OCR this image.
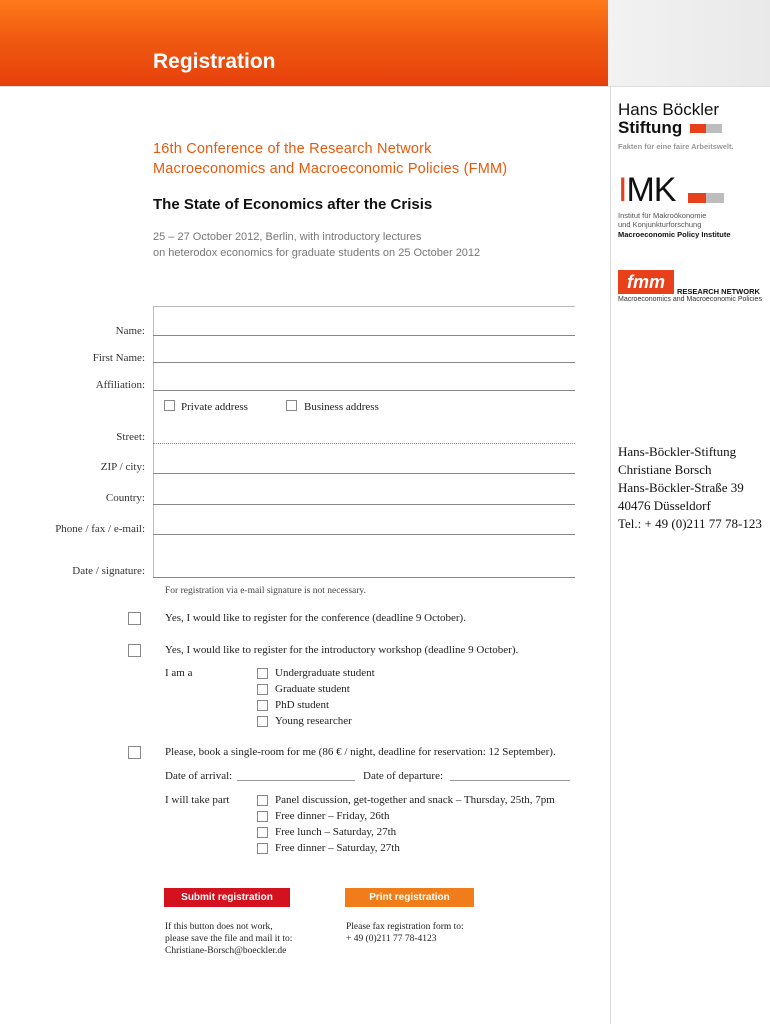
Registration
16th Conference of the Research Network
Macroeconomics and Macroeconomic Policies (FMM)
The State of Economics after the Crisis
25 – 27 October 2012, Berlin, with introductory lectures
on heterodox economics for graduate students on 25 October 2012
Hans Böckler
Stiftung
Fakten für eine faire Arbeitswelt.
IMK
Institut für Makroökonomie
und Konjunkturforschung
Macroeconomic Policy Institute
fmm	RESEARCH NETWORK
Macroeconomics and Macroeconomic Policies
Name:
First Name:
Affiliation:
Private address	Business address
Street:
ZIP / city:
Country:
Phone / fax / e-mail:
Date / signature:
For registration via e-mail signature is not necessary.
Yes, I would like to register for the conference (deadline 9 October).
Yes, I would like to register for the introductory workshop (deadline 9 October).
I am a	Undergraduate student
Graduate student
PhD student
Young researcher
Please, book a single-room for me (86 € / night, deadline for reservation: 12 September).
Date of arrival:	Date of departure:
I will take part	Panel discussion, get-together and snack – Thursday, 25th, 7pm
Free dinner – Friday, 26th
Free lunch – Saturday, 27th
Free dinner – Saturday, 27th
Submit registration	Print registration
If this button does not work,
please save the file and mail it to:
Christiane-Borsch@boeckler.de
Please fax registration form to:
+ 49 (0)211 77 78-4123
Hans-Böckler-Stiftung
Christiane Borsch
Hans-Böckler-Straße 39
40476 Düsseldorf
Tel.: + 49 (0)211 77 78-123
